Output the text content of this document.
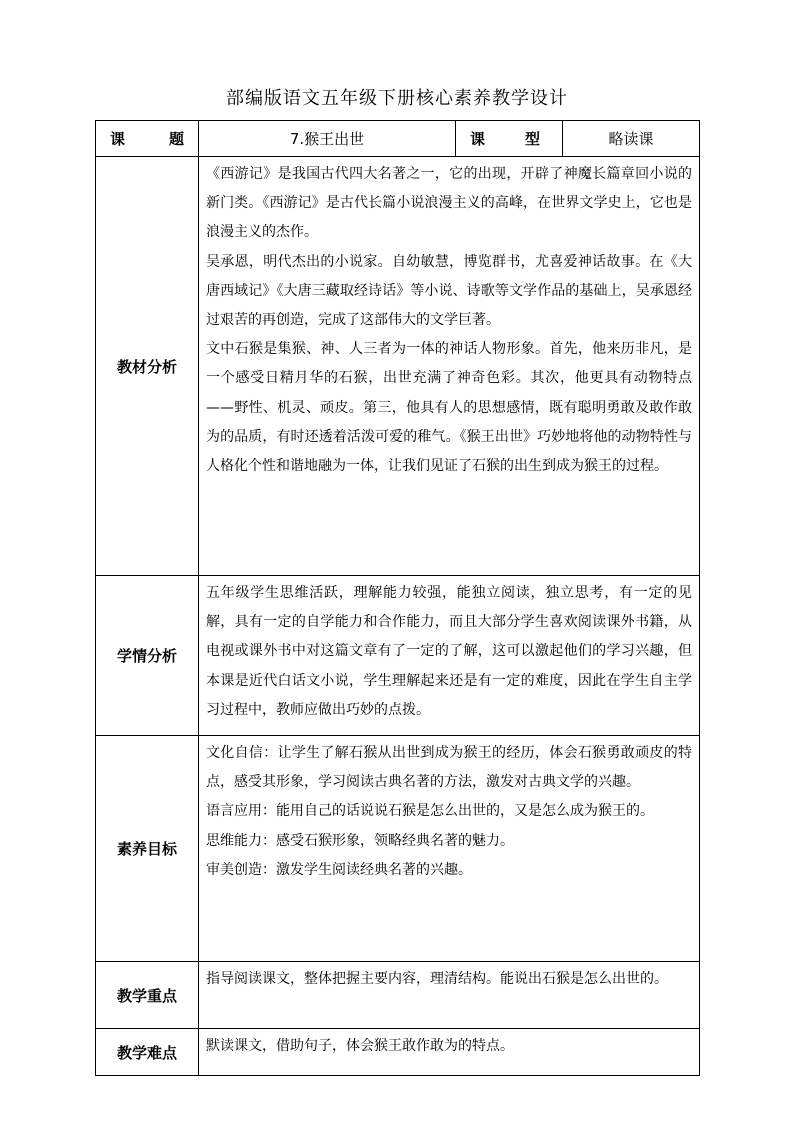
部编版语文五年级下册核心素养教学设计
课 题	7.猴王出世	课 型	略读课
教材分析	《西游记》是我国古代四大名著之一，它的出现，开辟了神魔长篇章回小说的新门类。《西游记》是古代长篇小说浪漫主义的高峰，在世界文学史上，它也是浪漫主义的杰作。

吴承恩，明代杰出的小说家。自幼敏慧，博览群书，尤喜爱神话故事。在《大唐西域记》《大唐三藏取经诗话》等小说、诗歌等文学作品的基础上，吴承恩经过艰苦的再创造，完成了这部伟大的文学巨著。

文中石猴是集猴、神、人三者为一体的神话人物形象。首先，他来历非凡，是一个感受日精月华的石猴，出世充满了神奇色彩。其次，他更具有动物特点——野性、机灵、顽皮。第三，他具有人的思想感情，既有聪明勇敢及敢作敢为的品质，有时还透着活泼可爱的稚气。《猴王出世》巧妙地将他的动物特性与人格化个性和谐地融为一体，让我们见证了石猴的出生到成为猴王的过程。		

学情分析	五年级学生思维活跃，理解能力较强，能独立阅读，独立思考，有一定的见解，具有一定的自学能力和合作能力，而且大部分学生喜欢阅读课外书籍，从电视或课外书中对这篇文章有了一定的了解，这可以激起他们的学习兴趣，但本课是近代白话文小说，学生理解起来还是有一定的难度，因此在学生自主学习过程中，教师应做出巧妙的点拨。		

素养目标	文化自信：让学生了解石猴从出世到成为猴王的经历，体会石猴勇敢顽皮的特点，感受其形象，学习阅读古典名著的方法，激发对古典文学的兴趣。

语言应用：能用自己的话说说石猴是怎么出世的，又是怎么成为猴王的。

思维能力：感受石猴形象，领略经典名著的魅力。

审美创造：激发学生阅读经典名著的兴趣。		

教学重点	指导阅读课文，整体把握主要内容，理清结构。能说出石猴是怎么出世的。		

教学难点	默读课文，借助句子，体会猴王敢作敢为的特点。		
